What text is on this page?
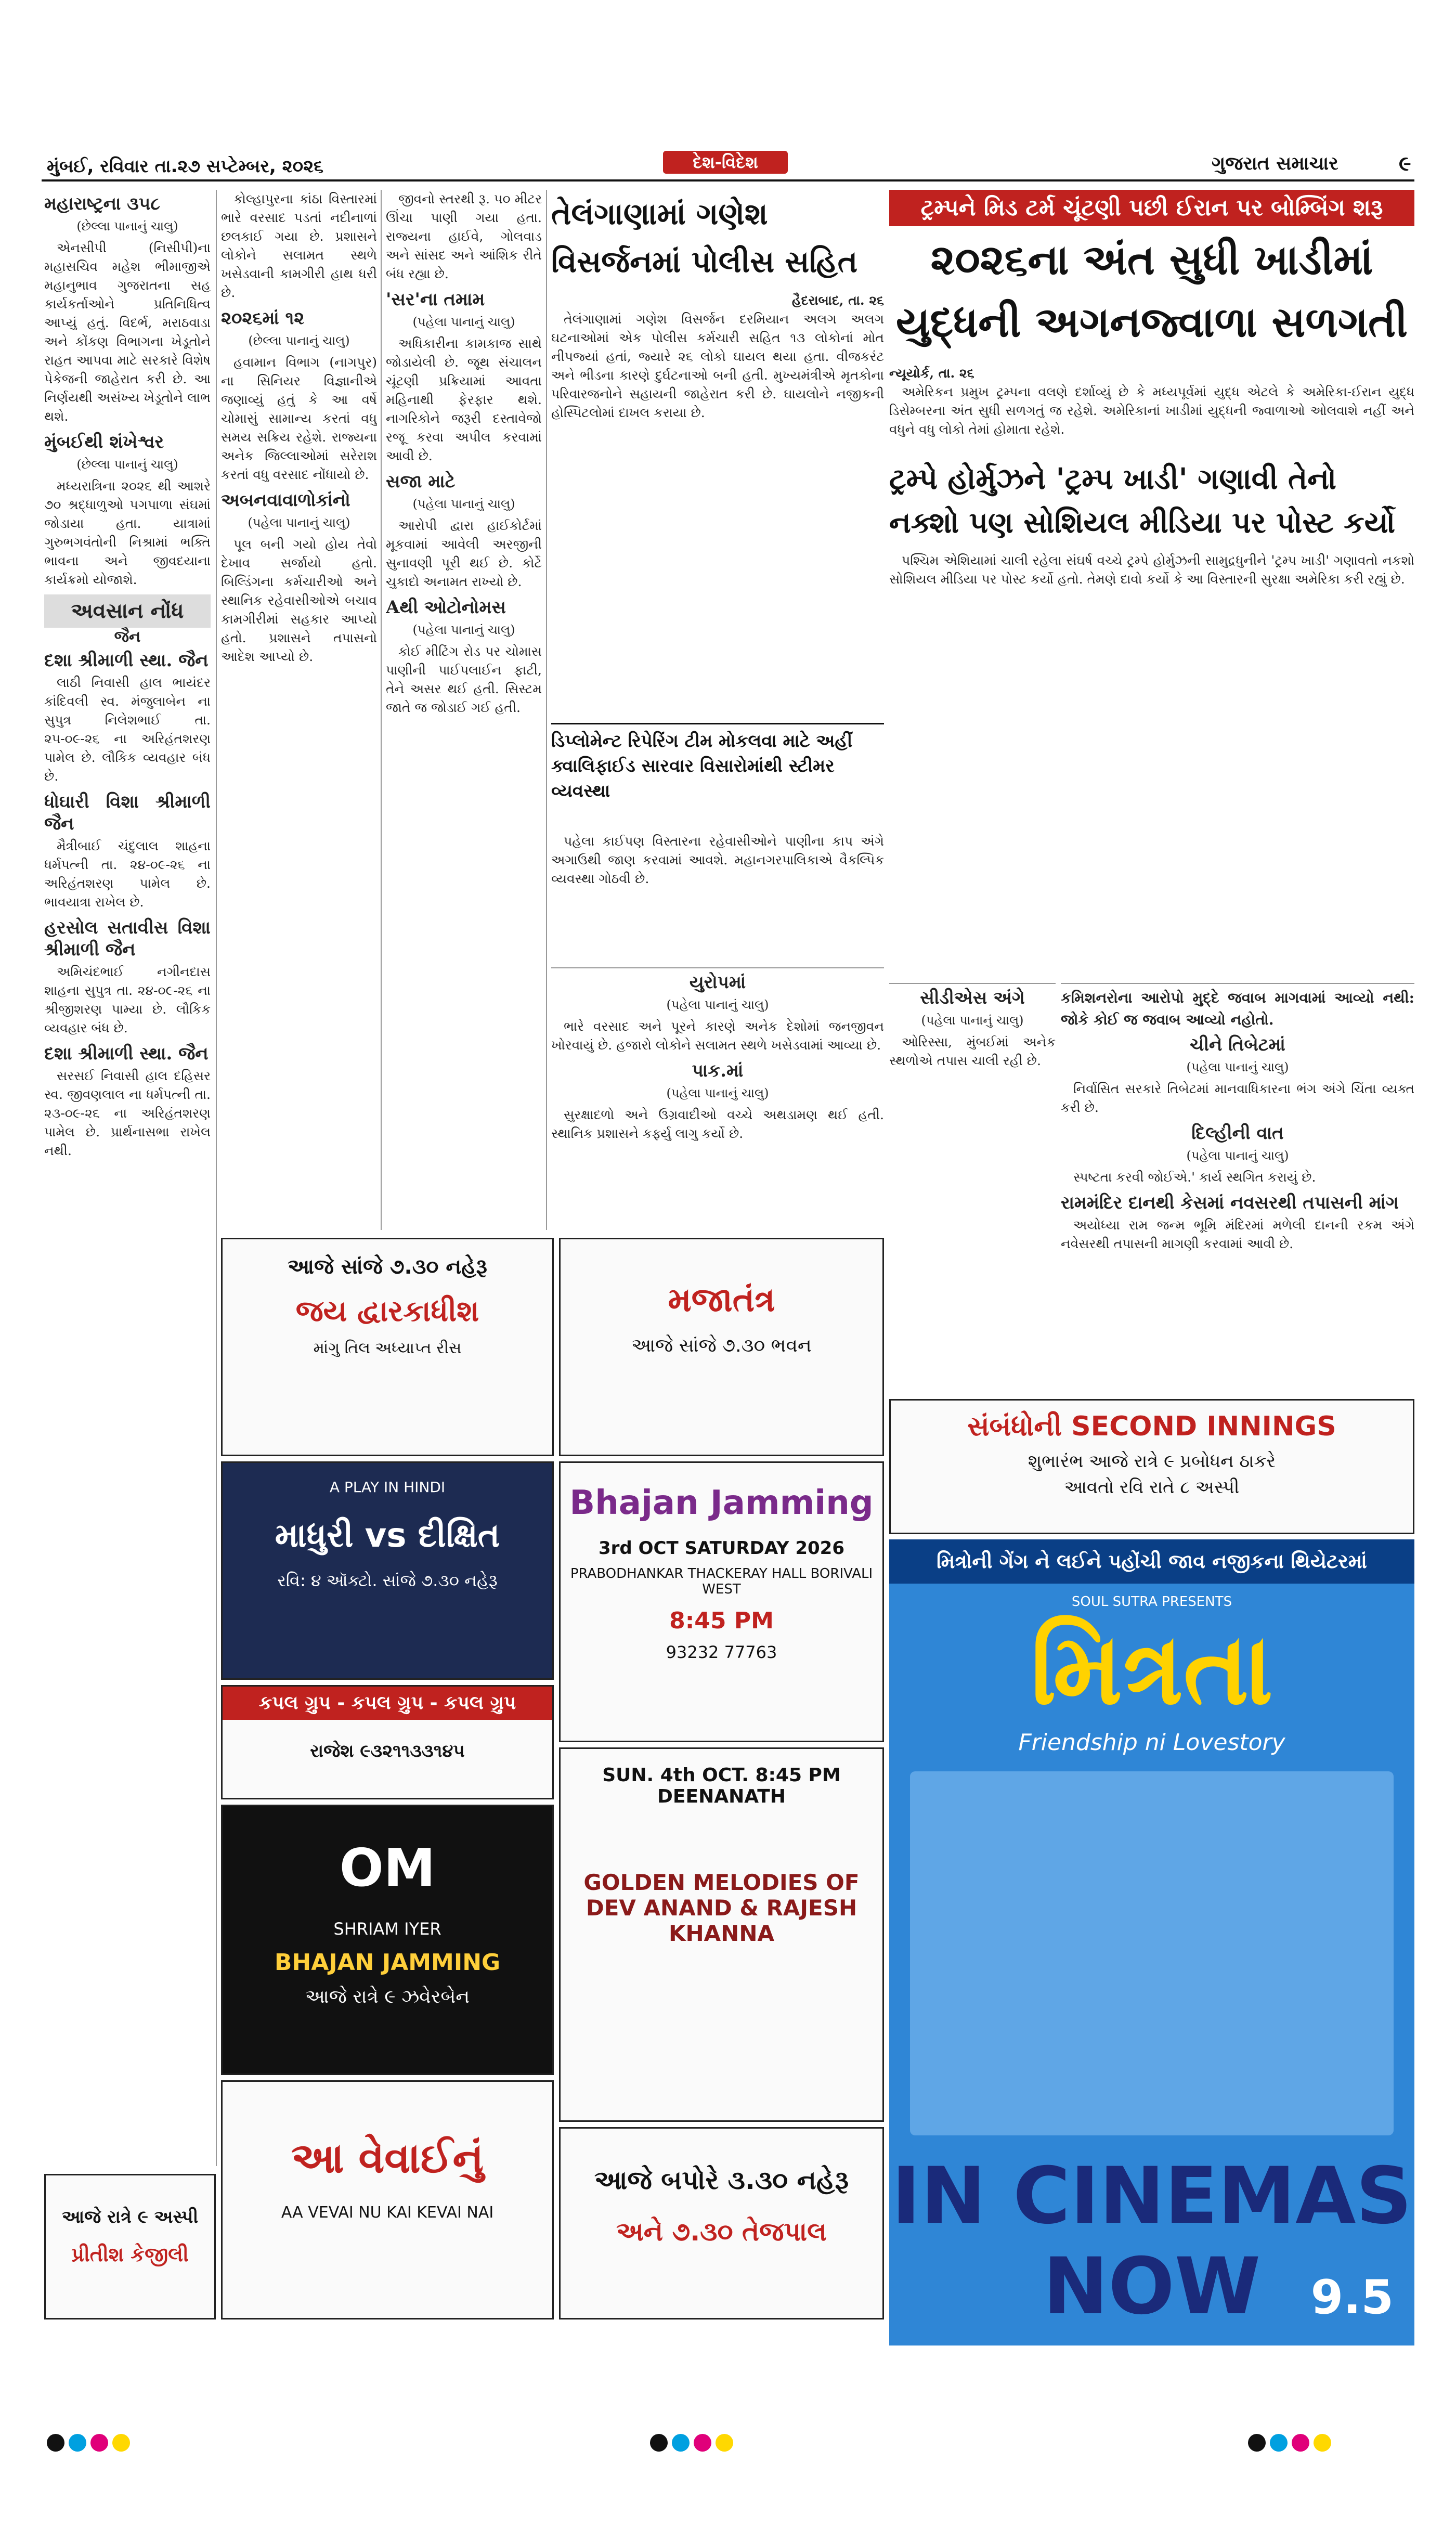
મુંબઈ, રવિવાર તા.૨૭ સપ્ટેમ્બર, ૨૦૨૬	દેશ-વિદેશ	ગુજરાત સમાચાર	૯
મહારાષ્ટ્રના ૩૫૮
(છેલ્લા પાનાનું ચાલુ)

એનસીપી (નિસીપી)ના મહાસચિવ મહેશ ભીમાજીએ મહાનુભાવ ગુજરાતના સહ કાર્યકર્તાઓને પ્રતિનિધિત્વ આપ્યું હતું. વિદર્ભ, મરાઠવાડા અને કોંકણ વિભાગના ખેડૂતોને રાહત આપવા માટે સરકારે વિશેષ પેકેજની જાહેરાત કરી છે. આ નિર્ણયથી અસંખ્ય ખેડૂતોને લાભ થશે.

મુંબઈથી શંખેશ્વર
(છેલ્લા પાનાનું ચાલુ)

મધ્યરાત્રિના ૨૦૨૬ થી આશરે ૭૦ શ્રદ્ધાળુઓ પગપાળા સંઘમાં જોડાયા હતા. યાત્રામાં ગુરુભગવંતોની નિશ્રામાં ભક્તિ ભાવના અને જીવદયાના કાર્યક્રમો યોજાશે.

અવસાન નોંધ
જૈન
દશા શ્રીમાળી સ્થા. જૈન

લાઠી નિવાસી હાલ ભાયંદર કાંદિવલી સ્વ. મંજુલાબેન ના સુપુત્ર નિલેશભાઈ તા. ૨૫-૦૯-૨૬ ના અરિહંતશરણ પામેલ છે. લૌકિક વ્યવહાર બંધ છે.

ધોઘારી વિશા શ્રીમાળી જૈન

મૈત્રીબાઈ ચંદુલાલ શાહના ધર્મપત્ની તા. ૨૪-૦૯-૨૬ ના અરિહંતશરણ પામેલ છે. ભાવયાત્રા રાખેલ છે.

હરસોલ સતાવીસ વિશા શ્રીમાળી જૈન

અમિચંદભાઈ નગીનદાસ શાહના સુપુત્ર તા. ૨૪-૦૯-૨૬ ના શ્રીજીશરણ પામ્યા છે. લૌકિક વ્યવહાર બંધ છે.

દશા શ્રીમાળી સ્થા. જૈન

સરસઈ નિવાસી હાલ દહિસર સ્વ. જીવણલાલ ના ધર્મપત્ની તા. ૨૩-૦૯-૨૬ ના અરિહંતશરણ પામેલ છે. પ્રાર્થનાસભા રાખેલ નથી.

કોલ્હાપુરના કાંઠા વિસ્તારમાં ભારે વરસાદ પડતાં નદીનાળાં છલકાઈ ગયા છે. પ્રશાસને લોકોને સલામત સ્થળે ખસેડવાની કામગીરી હાથ ધરી છે.

૨૦૨૬માં ૧૨
(છેલ્લા પાનાનું ચાલુ)

હવામાન વિભાગ (નાગપુર) ના સિનિયર વિજ્ઞાનીએ જણાવ્યું હતું કે આ વર્ષે ચોમાસું સામાન્ય કરતાં વધુ સમય સક્રિય રહેશે. રાજ્યના અનેક જિલ્લાઓમાં સરેરાશ કરતાં વધુ વરસાદ નોંધાયો છે.

અબનવાવાળોકાંનો
(પહેલા પાનાનું ચાલુ)

પૂલ બની ગયો હોય તેવો દેખાવ સર્જાયો હતો. બિલ્ડિંગના કર્મચારીઓ અને સ્થાનિક રહેવાસીઓએ બચાવ કામગીરીમાં સહકાર આપ્યો હતો. પ્રશાસને તપાસનો આદેશ આપ્યો છે.

જીવનો સ્તરથી રૂ. ૫૦ મીટર ઊંચા પાણી ગયા હતા. રાજ્યના હાઈવે, ગોલવાડ અને સાંસદ અને આંશિક રીતે બંધ રહ્યા છે.

'સર'ના તમામ
(પહેલા પાનાનું ચાલુ)

અધિકારીના કામકાજ સાથે જોડાયેલી છે. જૂથ સંચાલન ચૂંટણી પ્રક્રિયામાં આવતા મહિનાથી ફેરફાર થશે. નાગરિકોને જરૂરી દસ્તાવેજો રજૂ કરવા અપીલ કરવામાં આવી છે.

સજા માટે
(પહેલા પાનાનું ચાલુ)

આરોપી દ્વારા હાઈકોર્ટમાં મૂકવામાં આવેલી અરજીની સુનાવણી પૂરી થઈ છે. કોર્ટે ચુકાદો અનામત રાખ્યો છે.

Aથી ઓટોનોમસ
(પહેલા પાનાનું ચાલુ)

કોઈ મીટિંગ રોડ પર ચોમાસ પાણીની પાઈપલાઈન ફાટી, તેને અસર થઈ હતી. સિસ્ટમ જાતે જ જોડાઈ ગઈ હતી.

તેલંગાણામાં ગણેશ વિસર્જનમાં પોલીસ સહિત
હૈદરાબાદ, તા. ૨૬

તેલંગાણામાં ગણેશ વિસર્જન દરમિયાન અલગ અલગ ઘટનાઓમાં એક પોલીસ કર્મચારી સહિત ૧૩ લોકોનાં મોત નીપજ્યાં હતાં, જ્યારે ૨૬ લોકો ઘાયલ થયા હતા. વીજકરંટ અને ભીડના કારણે દુર્ઘટનાઓ બની હતી. મુખ્યમંત્રીએ મૃતકોના પરિવારજનોને સહાયની જાહેરાત કરી છે. ઘાયલોને નજીકની હોસ્પિટલોમાં દાખલ કરાયા છે.

ટ્રમ્પને મિડ ટર્મ ચૂંટણી પછી ઈરાન પર બોમ્બિંગ શરૂ
૨૦૨૬ના અંત સુધી ખાડીમાં યુદ્ધની અગનજ્વાળા સળગતી
ન્યૂયોર્ક, તા. ૨૬

અમેરિકન પ્રમુખ ટ્રમ્પના વલણે દર્શાવ્યું છે કે મધ્યપૂર્વમાં યુદ્ધ એટલે કે અમેરિકા-ઈરાન યુદ્ધ ડિસેમ્બરના અંત સુધી સળગતું જ રહેશે. અમેરિકાનાં ખાડીમાં યુદ્ધની જ્વાળાઓ ઓલવાશે નહીં અને વધુને વધુ લોકો તેમાં હોમાતા રહેશે.

ટ્રમ્પે હોર્મુઝને 'ટ્રમ્પ ખાડી' ગણાવી તેનો નક્શો પણ સોશિયલ મીડિયા પર પોસ્ટ કર્યો

પશ્ચિમ એશિયામાં ચાલી રહેલા સંઘર્ષ વચ્ચે ટ્રમ્પે હોર્મુઝની સામુદ્રધુનીને 'ટ્રમ્પ ખાડી' ગણાવતો નકશો સોશિયલ મીડિયા પર પોસ્ટ કર્યો હતો. તેમણે દાવો કર્યો કે આ વિસ્તારની સુરક્ષા અમેરિકા કરી રહ્યું છે.

ડિપ્લોમેન્ટ રિપેરિંગ ટીમ મોકલવા માટે અહીં ક્વાલિફાઈડ સારવાર વિસારોમાંથી સ્ટીમર વ્યવસ્થા

પહેલા કાઈપણ વિસ્તારના રહેવાસીઓને પાણીના કાપ અંગે અગાઉથી જાણ કરવામાં આવશે. મહાનગરપાલિકાએ વૈકલ્પિક વ્યવસ્થા ગોઠવી છે.

યુરોપમાં
(પહેલા પાનાનું ચાલુ)

ભારે વરસાદ અને પૂરને કારણે અનેક દેશોમાં જનજીવન ખોરવાયું છે. હજારો લોકોને સલામત સ્થળે ખસેડવામાં આવ્યા છે.

પાક.માં
(પહેલા પાનાનું ચાલુ)

સુરક્ષાદળો અને ઉગ્રવાદીઓ વચ્ચે અથડામણ થઈ હતી. સ્થાનિક પ્રશાસને કર્ફ્યુ લાગુ કર્યો છે.

કમિશનરોના આરોપો મુદ્દે જવાબ માગવામાં આવ્યો નથી: જોકે કોઈ જ જવાબ આવ્યો નહોતો.
ચીને તિબેટમાં
(પહેલા પાનાનું ચાલુ)

નિર્વાસિત સરકારે તિબેટમાં માનવાધિકારના ભંગ અંગે ચિંતા વ્યક્ત કરી છે.

દિલ્હીની વાત
(પહેલા પાનાનું ચાલુ)

સ્પષ્ટતા કરવી જોઈએ.' કાર્ય સ્થગિત કરાયું છે.

રામમંદિર દાનથી કેસમાં નવસરથી તપાસની માંગ

અયોધ્યા રામ જન્મ ભૂમિ મંદિરમાં મળેલી દાનની રકમ અંગે નવેસરથી તપાસની માગણી કરવામાં આવી છે.

સીડીએસ અંગે
(પહેલા પાનાનું ચાલુ)

ઓરિસ્સા, મુંબઈમાં અનેક સ્થળોએ તપાસ ચાલી રહી છે.

સંબંધોની SECOND INNINGS
શુભારંભ આજે રાત્રે ૯ પ્રબોધન ઠાકરે
આવતો રવિ રાતે ૮ અસ્પી
મિત્રોની ગેંગ ને લઈને પહોંચી જાવ નજીકના થિયેટરમાં
SOUL SUTRA PRESENTS
મિત્રતા
Friendship ni Lovestory
IN CINEMAS NOW	9.5
આજે સાંજે ૭.૩૦ નહેરૂ
જય દ્વારકાધીશ
માંગુ તિલ અધ્યાપ્ત રીસ
મજાતંત્ર
આજે સાંજે ૭.૩૦ ભવન
A PLAY IN HINDI
માધુરી vs દીક્ષિત
રવિ: ૪ ઑક્ટો. સાંજે ૭.૩૦ નહેરૂ
Bhajan Jamming
3rd OCT SATURDAY 2026
PRABODHANKAR THACKERAY HALL BORIVALI WEST
8:45 PM
93232 77763
કપલ ગ્રુપ - કપલ ગ્રુપ - કપલ ગ્રુપ
રાજેશ ૯૩૨૧૧૩૩૧૪૫
SUN. 4th OCT. 8:45 PM DEENANATH
GOLDEN MELODIES OF DEV ANAND & RAJESH KHANNA
OM
SHRIAM IYER
BHAJAN JAMMING
આજે રાત્રે ૯ ઝવેરબેન
આ વેવાઈનું
AA VEVAI NU KAI KEVAI NAI
આજે બપોરે ૩.૩૦ નહેરૂ
અને ૭.૩૦ તેજપાલ
આજે રાત્રે ૯ અસ્પી
પ્રીતીશ કેજીલી
